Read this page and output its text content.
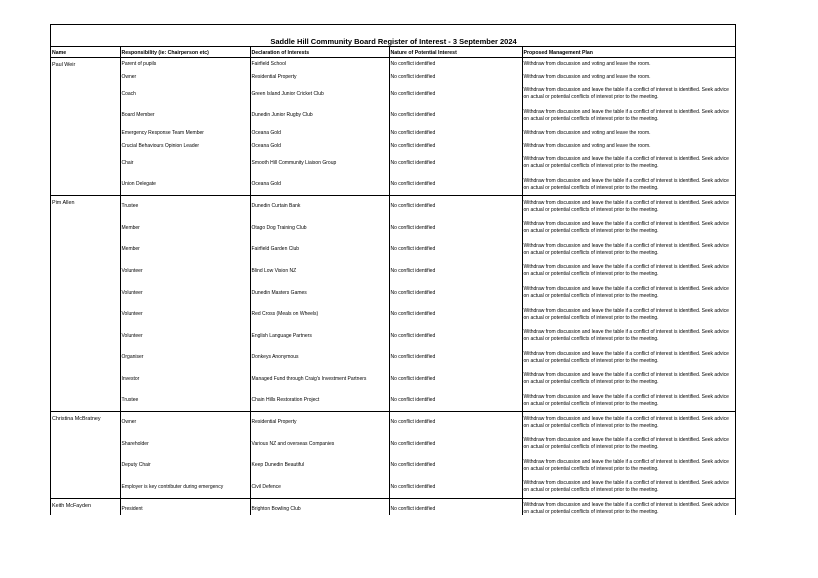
Saddle Hill Community Board Register of Interest - 3 September 2024				
Name	Responsibility (ie: Chairperson etc)	Declaration of Interests	Nature of Potential Interest	Proposed Management Plan
Paul Weir	Parent of pupils	Fairfield School	No conflict identified	Withdraw from discussion and voting and leave the room.
	Owner	Residential Property	No conflict identified	Withdraw from discussion and voting and leave the room.
	Coach	Green Island Junior Cricket Club	No conflict identified	Withdraw from discussion and leave the table if a conflict of interest is identified. Seek advice on actual or potential conflicts of interest prior to the meeting.
	Board Member	Dunedin Junior Rugby Club	No conflict identified	Withdraw from discussion and leave the table if a conflict of interest is identified. Seek advice on actual or potential conflicts of interest prior to the meeting.
	Emergency Response Team Member	Oceana Gold	No conflict identified	Withdraw from discussion and voting and leave the room.
	Crucial Behaviours Opinion Leader	Oceana Gold	No conflict identified	Withdraw from discussion and voting and leave the room.
	Chair	Smooth Hill Community Liaison Group	No conflict identified	Withdraw from discussion and leave the table if a conflict of interest is identified. Seek advice on actual or potential conflicts of interest prior to the meeting.
	Union Delegate	Oceana Gold	No conflict identified	Withdraw from discussion and leave the table if a conflict of interest is identified. Seek advice on actual or potential conflicts of interest prior to the meeting.
Pim Allen	Trustee	Dunedin Curtain Bank	No conflict identified	Withdraw from discussion and leave the table if a conflict of interest is identified. Seek advice on actual or potential conflicts of interest prior to the meeting.
	Member	Otago Dog Training Club	No conflict identified	Withdraw from discussion and leave the table if a conflict of interest is identified. Seek advice on actual or potential conflicts of interest prior to the meeting.
	Member	Fairfield Garden Club	No conflict identified	Withdraw from discussion and leave the table if a conflict of interest is identified. Seek advice on actual or potential conflicts of interest prior to the meeting.
	Volunteer	Blind Low Vision NZ	No conflict identified	Withdraw from discussion and leave the table if a conflict of interest is identified. Seek advice on actual or potential conflicts of interest prior to the meeting.
	Volunteer	Dunedin Masters Games	No conflict identified	Withdraw from discussion and leave the table if a conflict of interest is identified. Seek advice on actual or potential conflicts of interest prior to the meeting.
	Volunteer	Red Cross (Meals on Wheels)	No conflict identified	Withdraw from discussion and leave the table if a conflict of interest is identified. Seek advice on actual or potential conflicts of interest prior to the meeting.
	Volunteer	English Language Partners	No conflict identified	Withdraw from discussion and leave the table if a conflict of interest is identified. Seek advice on actual or potential conflicts of interest prior to the meeting.
	Organiser	Donkeys Anonymous	No conflict identified	Withdraw from discussion and leave the table if a conflict of interest is identified. Seek advice on actual or potential conflicts of interest prior to the meeting.
	Investor	Managed Fund through Craig's Investment Partners	No conflict identified	Withdraw from discussion and leave the table if a conflict of interest is identified. Seek advice on actual or potential conflicts of interest prior to the meeting.
	Trustee	Chain Hills Restoration Project	No conflict identified	Withdraw from discussion and leave the table if a conflict of interest is identified. Seek advice on actual or potential conflicts of interest prior to the meeting.
Christina McBratney	Owner	Residential Property	No conflict identified	Withdraw from discussion and leave the table if a conflict of interest is identified. Seek advice on actual or potential conflicts of interest prior to the meeting.
	Shareholder	Various NZ and overseas Companies	No conflict identified	Withdraw from discussion and leave the table if a conflict of interest is identified. Seek advice on actual or potential conflicts of interest prior to the meeting.
	Deputy Chair	Keep Dunedin Beautiful	No conflict identified	Withdraw from discussion and leave the table if a conflict of interest is identified. Seek advice on actual or potential conflicts of interest prior to the meeting.
	Employer is key contributer during emergency	Civil Defence	No conflict identified	Withdraw from discussion and leave the table if a conflict of interest is identified. Seek advice on actual or potential conflicts of interest prior to the meeting.
Keith McFayden	President	Brighton Bowling Club	No conflict identified	Withdraw from discussion and leave the table if a conflict of interest is identified. Seek advice on actual or potential conflicts of interest prior to the meeting.
